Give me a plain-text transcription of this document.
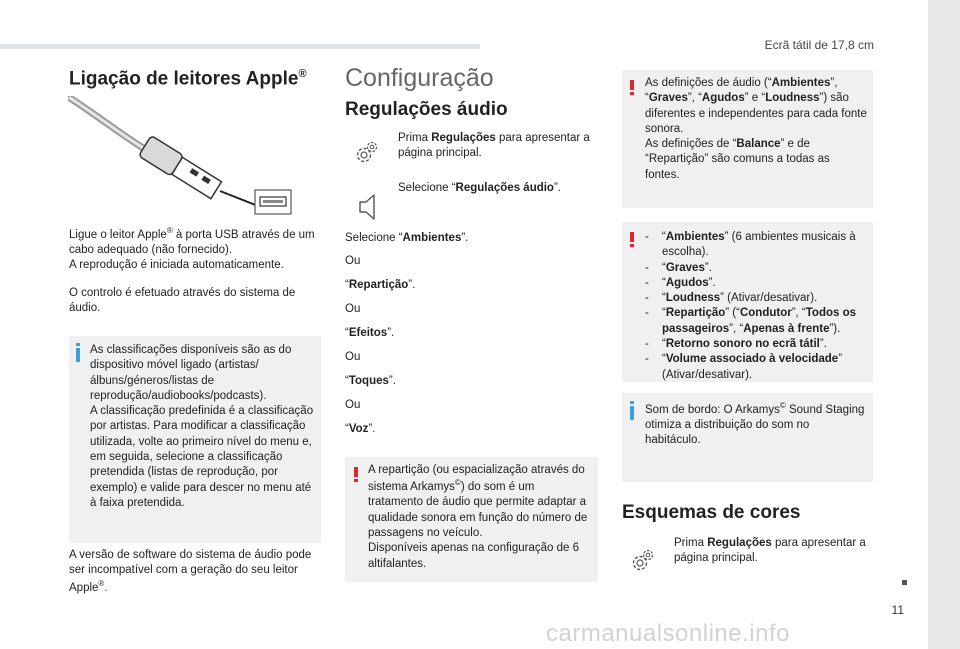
Ecrã tátil de 17,8 cm
11
Ligação de leitores Apple®
Ligue o leitor Apple® à porta USB através de um cabo adequado (não fornecido).
A reprodução é iniciada automaticamente.
O controlo é efetuado através do sistema de áudio.
As classificações disponíveis são as do dispositivo móvel ligado (artistas/álbuns/géneros/listas de reprodução/audiobooks/podcasts).
A classificação predefinida é a classificação por artistas. Para modificar a classificação utilizada, volte ao primeiro nível do menu e, em seguida, selecione a classificação pretendida (listas de reprodução, por exemplo) e valide para descer no menu até à faixa pretendida.
A versão de software do sistema de áudio pode ser incompatível com a geração do seu leitor Apple®.
Configuração
Regulações áudio
Prima Regulações para apresentar a página principal.
Selecione “Regulações áudio”.
Selecione “Ambientes”.
Ou
“Repartição”.
Ou
“Efeitos”.
Ou
“Toques”.
Ou
“Voz”.
A repartição (ou espacialização através do sistema Arkamys©) do som é um tratamento de áudio que permite adaptar a qualidade sonora em função do número de passagens no veículo.
Disponíveis apenas na configuração de 6 altifalantes.
As definições de áudio (“Ambientes”, “Graves”, “Agudos” e “Loudness”) são diferentes e independentes para cada fonte sonora.
As definições de “Balance” e de “Repartição” são comuns a todas as fontes.
-	“Ambientes” (6 ambientes musicais à escolha).
-	“Graves”.
-	“Agudos”.
-	“Loudness” (Ativar/desativar).
-	“Repartição” (“Condutor”, “Todos os passageiros”, “Apenas à frente”).
-	“Retorno sonoro no ecrã tátil”.
-	“Volume associado à velocidade” (Ativar/desativar).
Som de bordo: O Arkamys© Sound Staging otimiza a distribuição do som no habitáculo.
Esquemas de cores
Prima Regulações para apresentar a página principal.
carmanualsonline.info
